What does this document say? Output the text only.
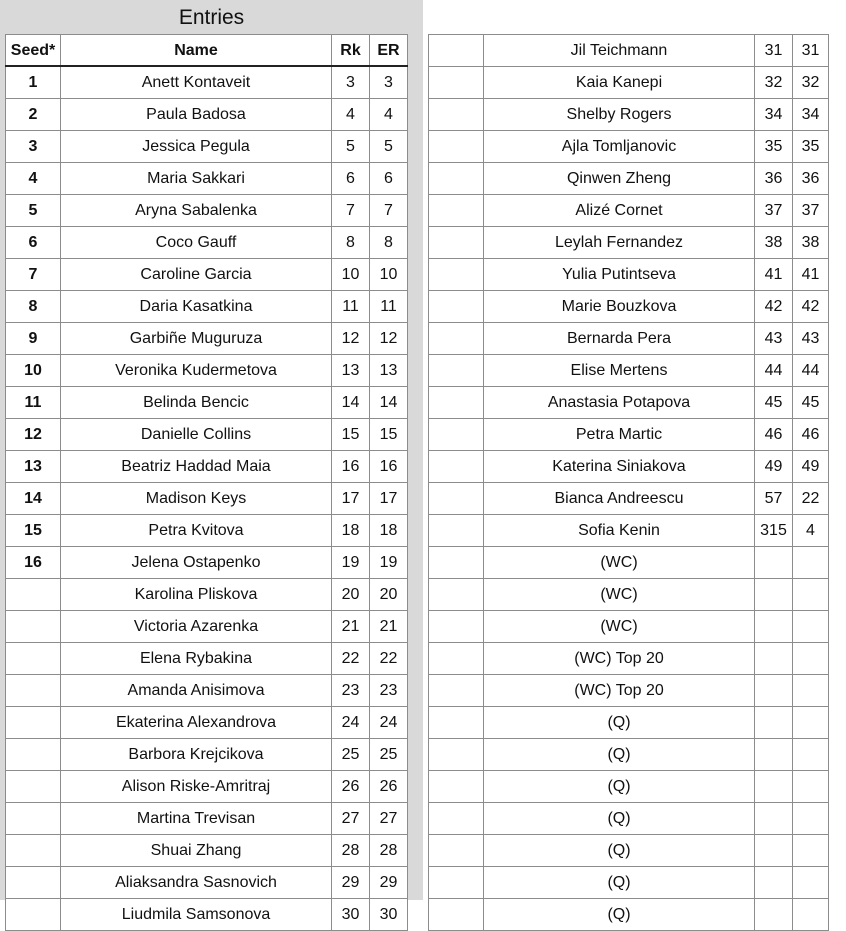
Entries
Seed*	Name	Rk	ER
1	Anett Kontaveit	3	3
2	Paula Badosa	4	4
3	Jessica Pegula	5	5
4	Maria Sakkari	6	6
5	Aryna Sabalenka	7	7
6	Coco Gauff	8	8
7	Caroline Garcia	10	10
8	Daria Kasatkina	11	11
9	Garbiñe Muguruza	12	12
10	Veronika Kudermetova	13	13
11	Belinda Bencic	14	14
12	Danielle Collins	15	15
13	Beatriz Haddad Maia	16	16
14	Madison Keys	17	17
15	Petra Kvitova	18	18
16	Jelena Ostapenko	19	19
	Karolina Pliskova	20	20
	Victoria Azarenka	21	21
	Elena Rybakina	22	22
	Amanda Anisimova	23	23
	Ekaterina Alexandrova	24	24
	Barbora Krejcikova	25	25
	Alison Riske-Amritraj	26	26
	Martina Trevisan	27	27
	Shuai Zhang	28	28
	Aliaksandra Sasnovich	29	29
	Liudmila Samsonova	30	30
	Jil Teichmann	31	31
	Kaia Kanepi	32	32
	Shelby Rogers	34	34
	Ajla Tomljanovic	35	35
	Qinwen Zheng	36	36
	Alizé Cornet	37	37
	Leylah Fernandez	38	38
	Yulia Putintseva	41	41
	Marie Bouzkova	42	42
	Bernarda Pera	43	43
	Elise Mertens	44	44
	Anastasia Potapova	45	45
	Petra Martic	46	46
	Katerina Siniakova	49	49
	Bianca Andreescu	57	22
	Sofia Kenin	315	4
	(WC)		
	(WC)		
	(WC)		
	(WC) Top 20		
	(WC) Top 20		
	(Q)		
	(Q)		
	(Q)		
	(Q)		
	(Q)		
	(Q)		
	(Q)		
